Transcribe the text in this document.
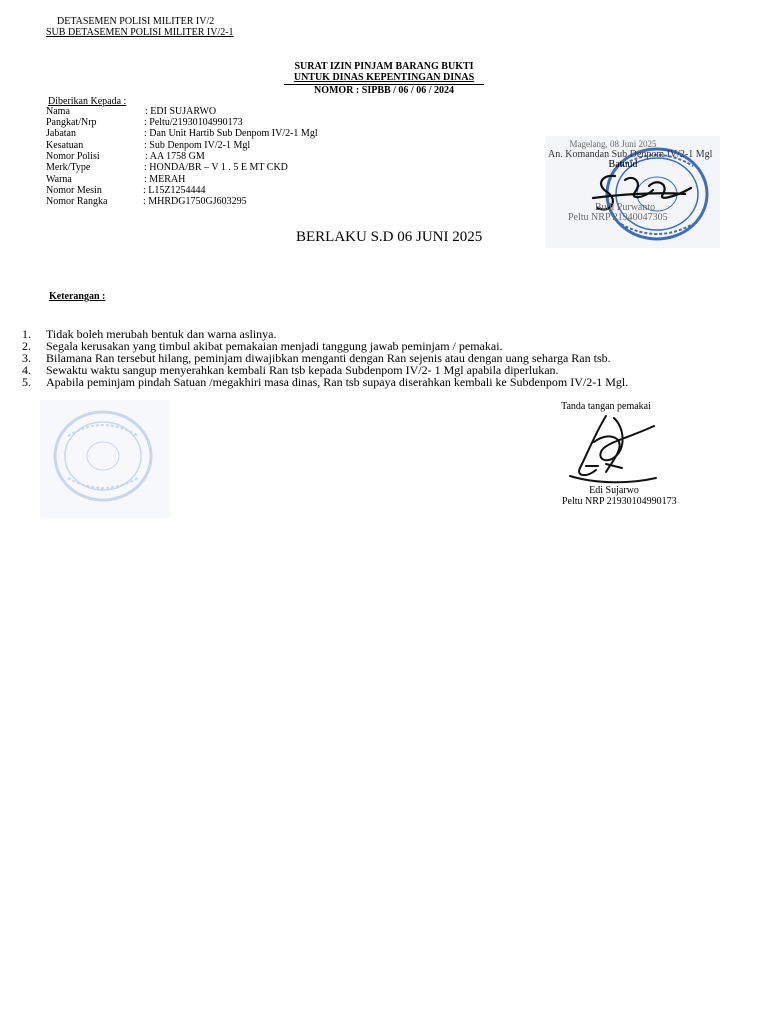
DETASEMEN POLISI MILITER IV/2
SUB DETASEMEN POLISI MILITER IV/2-1
SURAT IZIN PINJAM BARANG BUKTI
UNTUK DINAS KEPENTINGAN DINAS
NOMOR : SIPBB / 06 / 06 / 2024
Diberikan Kepada :
Nama	: EDI SUJARWO
Pangkat/Nrp	: Peltu/21930104990173
Jabatan	: Dan Unit Hartib Sub Denpom IV/2-1 Mgl
Kesatuan	: Sub Denpom IV/2-1 Mgl
Nomor Polisi	: AA 1758 GM
Merk/Type	: HONDA/BR – V 1 . 5 E MT CKD
Warna	: MERAH
Nomor Mesin	: L15Z1254444
Nomor Rangka	: MHRDG1750GJ603295
Magelang, 08 Juni 2025
An. Komandan Sub Denpom IV/2-1 Mgl
Batuud
Budi Purwanto
Peltu NRP 21940047305
BERLAKU S.D 06 JUNI 2025
Keterangan :
1. Tidak boleh merubah bentuk dan warna aslinya.
2. Segala kerusakan yang timbul akibat pemakaian menjadi tanggung jawab peminjam / pemakai.
3. Bilamana Ran tersebut hilang, peminjam diwajibkan menganti dengan Ran sejenis atau dengan uang seharga Ran tsb.
4. Sewaktu waktu sangup menyerahkan kembali Ran tsb kepada Subdenpom IV/2- 1 Mgl apabila diperlukan.
5. Apabila peminjam pindah Satuan /megakhiri masa dinas, Ran tsb supaya diserahkan kembali ke Subdenpom IV/2-1 Mgl.
Tanda tangan pemakai
Edi Sujarwo
Peltu NRP 21930104990173
